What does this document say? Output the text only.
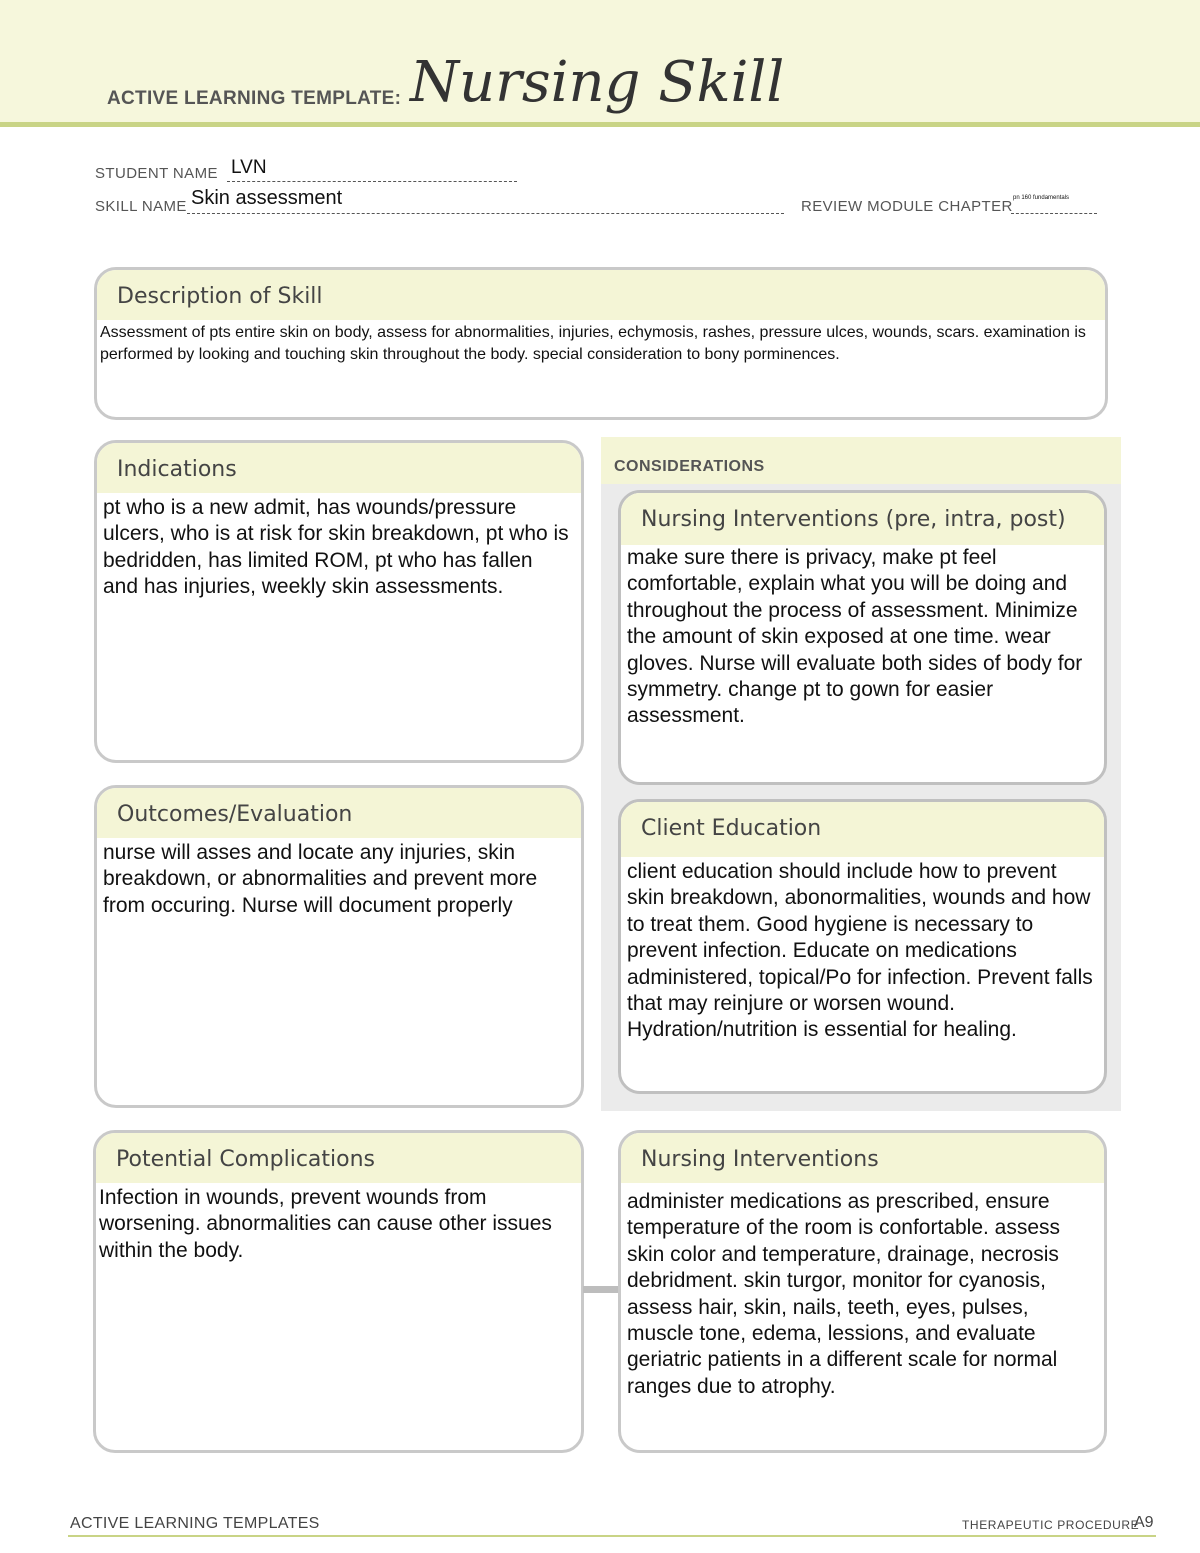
ACTIVE LEARNING TEMPLATE: Nursing Skill
STUDENT NAME LVN
SKILL NAME Skin assessment	REVIEW MODULE CHAPTER pn 160 fundamentals
Description of Skill
Assessment of pts entire skin on body, assess for abnormalities, injuries, echymosis, rashes, pressure ulces, wounds, scars. examination is performed by looking and touching skin throughout the body. special consideration to bony porminences.
CONSIDERATIONS
Indications
pt who is a new admit, has wounds/pressure ulcers, who is at risk for skin breakdown, pt who is bedridden, has limited ROM, pt who has fallen and has injuries, weekly skin assessments.
Nursing Interventions (pre, intra, post)
make sure there is privacy, make pt feel comfortable, explain what you will be doing and throughout the process of assessment. Minimize the amount of skin exposed at one time. wear gloves. Nurse will evaluate both sides of body for symmetry. change pt to gown for easier assessment.
Outcomes/Evaluation
nurse will asses and locate any injuries, skin breakdown, or abnormalities and prevent more from occuring. Nurse will document properly
Client Education
client education should include how to prevent skin breakdown, abonormalities, wounds and how to treat them. Good hygiene is necessary to prevent infection. Educate on medications administered, topical/Po for infection. Prevent falls that may reinjure or worsen wound. Hydration/nutrition is essential for healing.
Potential Complications
Infection in wounds, prevent wounds from worsening. abnormalities can cause other issues within the body.
Nursing Interventions
administer medications as prescribed, ensure temperature of the room is confortable. assess skin color and temperature, drainage, necrosis debridment. skin turgor, monitor for cyanosis, assess hair, skin, nails, teeth, eyes, pulses, muscle tone, edema, lessions, and evaluate geriatric patients in a different scale for normal ranges due to atrophy.
ACTIVE LEARNING TEMPLATES	THERAPEUTIC PROCEDURE
A9
